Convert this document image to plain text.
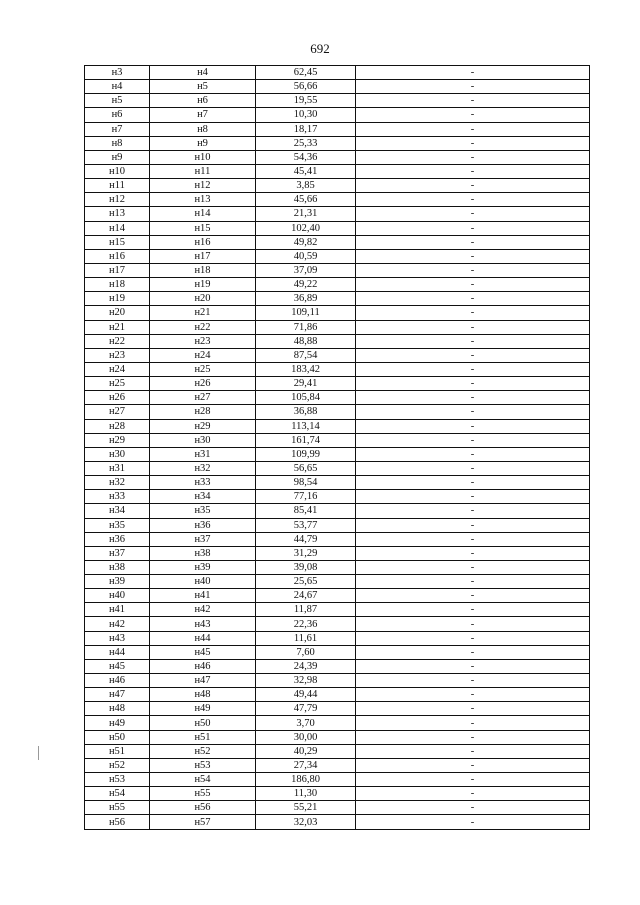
692
н3	н4	62,45	-
н4	н5	56,66	-
н5	н6	19,55	-
н6	н7	10,30	-
н7	н8	18,17	-
н8	н9	25,33	-
н9	н10	54,36	-
н10	н11	45,41	-
н11	н12	3,85	-
н12	н13	45,66	-
н13	н14	21,31	-
н14	н15	102,40	-
н15	н16	49,82	-
н16	н17	40,59	-
н17	н18	37,09	-
н18	н19	49,22	-
н19	н20	36,89	-
н20	н21	109,11	-
н21	н22	71,86	-
н22	н23	48,88	-
н23	н24	87,54	-
н24	н25	183,42	-
н25	н26	29,41	-
н26	н27	105,84	-
н27	н28	36,88	-
н28	н29	113,14	-
н29	н30	161,74	-
н30	н31	109,99	-
н31	н32	56,65	-
н32	н33	98,54	-
н33	н34	77,16	-
н34	н35	85,41	-
н35	н36	53,77	-
н36	н37	44,79	-
н37	н38	31,29	-
н38	н39	39,08	-
н39	н40	25,65	-
н40	н41	24,67	-
н41	н42	11,87	-
н42	н43	22,36	-
н43	н44	11,61	-
н44	н45	7,60	-
н45	н46	24,39	-
н46	н47	32,98	-
н47	н48	49,44	-
н48	н49	47,79	-
н49	н50	3,70	-
н50	н51	30,00	-
н51	н52	40,29	-
н52	н53	27,34	-
н53	н54	186,80	-
н54	н55	11,30	-
н55	н56	55,21	-
н56	н57	32,03	-
